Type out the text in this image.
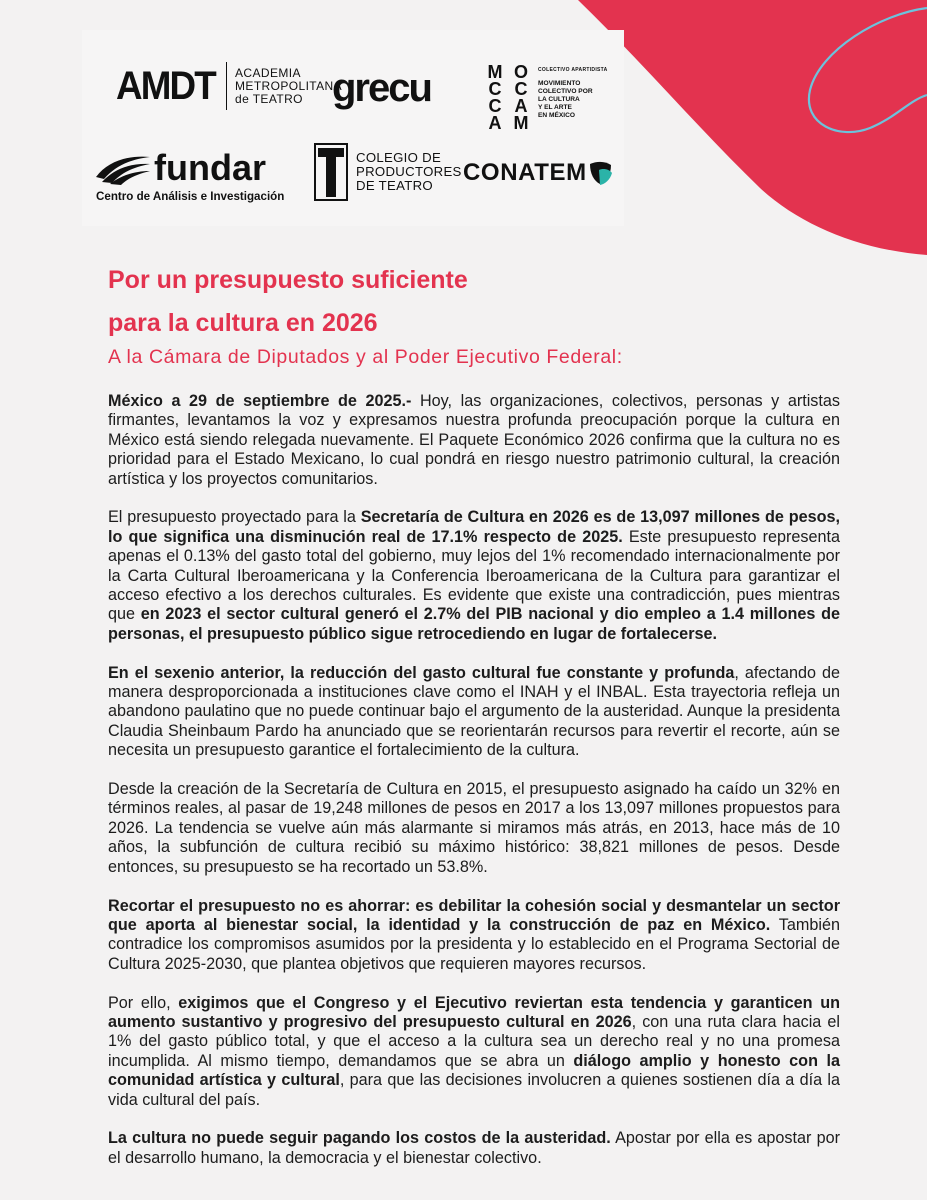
AMDT ACADEMIA
METROPOLITANA
de TEATRO grecu	M O
C C
C A
A M
COLECTIVO APARTIDISTA
MOVIMIENTO
COLECTIVO POR
LA CULTURA
Y EL ARTE
EN MÉXICO
fundar
Centro de Análisis e Investigación
COLEGIO DE
PRODUCTORES
DE TEATRO	CONATEM
Por un presupuesto suficiente
para la cultura en 2026
A la Cámara de Diputados y al Poder Ejecutivo Federal:

México a 29 de septiembre de 2025.- Hoy, las organizaciones, colectivos, personas y artistas firmantes, levantamos la voz y expresamos nuestra profunda preocupación porque la cultura en México está siendo relegada nuevamente. El Paquete Económico 2026 confirma que la cultura no es prioridad para el Estado Mexicano, lo cual pondrá en riesgo nuestro patrimonio cultural, la creación artística y los proyectos comunitarios.

El presupuesto proyectado para la Secretaría de Cultura en 2026 es de 13,097 millones de pesos, lo que significa una disminución real de 17.1% respecto de 2025. Este presupuesto representa apenas el 0.13% del gasto total del gobierno, muy lejos del 1% recomendado internacionalmente por la Carta Cultural Iberoamericana y la Conferencia Iberoamericana de la Cultura para garantizar el acceso efectivo a los derechos culturales. Es evidente que existe una contradicción, pues mientras que en 2023 el sector cultural generó el 2.7% del PIB nacional y dio empleo a 1.4 millones de personas, el presupuesto público sigue retrocediendo en lugar de fortalecerse.

En el sexenio anterior, la reducción del gasto cultural fue constante y profunda, afectando de manera desproporcionada a instituciones clave como el INAH y el INBAL. Esta trayectoria refleja un abandono paulatino que no puede continuar bajo el argumento de la austeridad. Aunque la presidenta Claudia Sheinbaum Pardo ha anunciado que se reorientarán recursos para revertir el recorte, aún se necesita un presupuesto garantice el fortalecimiento de la cultura.

Desde la creación de la Secretaría de Cultura en 2015, el presupuesto asignado ha caído un 32% en términos reales, al pasar de 19,248 millones de pesos en 2017 a los 13,097 millones propuestos para 2026. La tendencia se vuelve aún más alarmante si miramos más atrás, en 2013, hace más de 10 años, la subfunción de cultura recibió su máximo histórico: 38,821 millones de pesos. Desde entonces, su presupuesto se ha recortado un 53.8%.

Recortar el presupuesto no es ahorrar: es debilitar la cohesión social y desmantelar un sector que aporta al bienestar social, la identidad y la construcción de paz en México. También contradice los compromisos asumidos por la presidenta y lo establecido en el Programa Sectorial de Cultura 2025-2030, que plantea objetivos que requieren mayores recursos.

Por ello, exigimos que el Congreso y el Ejecutivo reviertan esta tendencia y garanticen un aumento sustantivo y progresivo del presupuesto cultural en 2026, con una ruta clara hacia el 1% del gasto público total, y que el acceso a la cultura sea un derecho real y no una promesa incumplida. Al mismo tiempo, demandamos que se abra un diálogo amplio y honesto con la comunidad artística y cultural, para que las decisiones involucren a quienes sostienen día a día la vida cultural del país.

La cultura no puede seguir pagando los costos de la austeridad. Apostar por ella es apostar por el desarrollo humano, la democracia y el bienestar colectivo.
